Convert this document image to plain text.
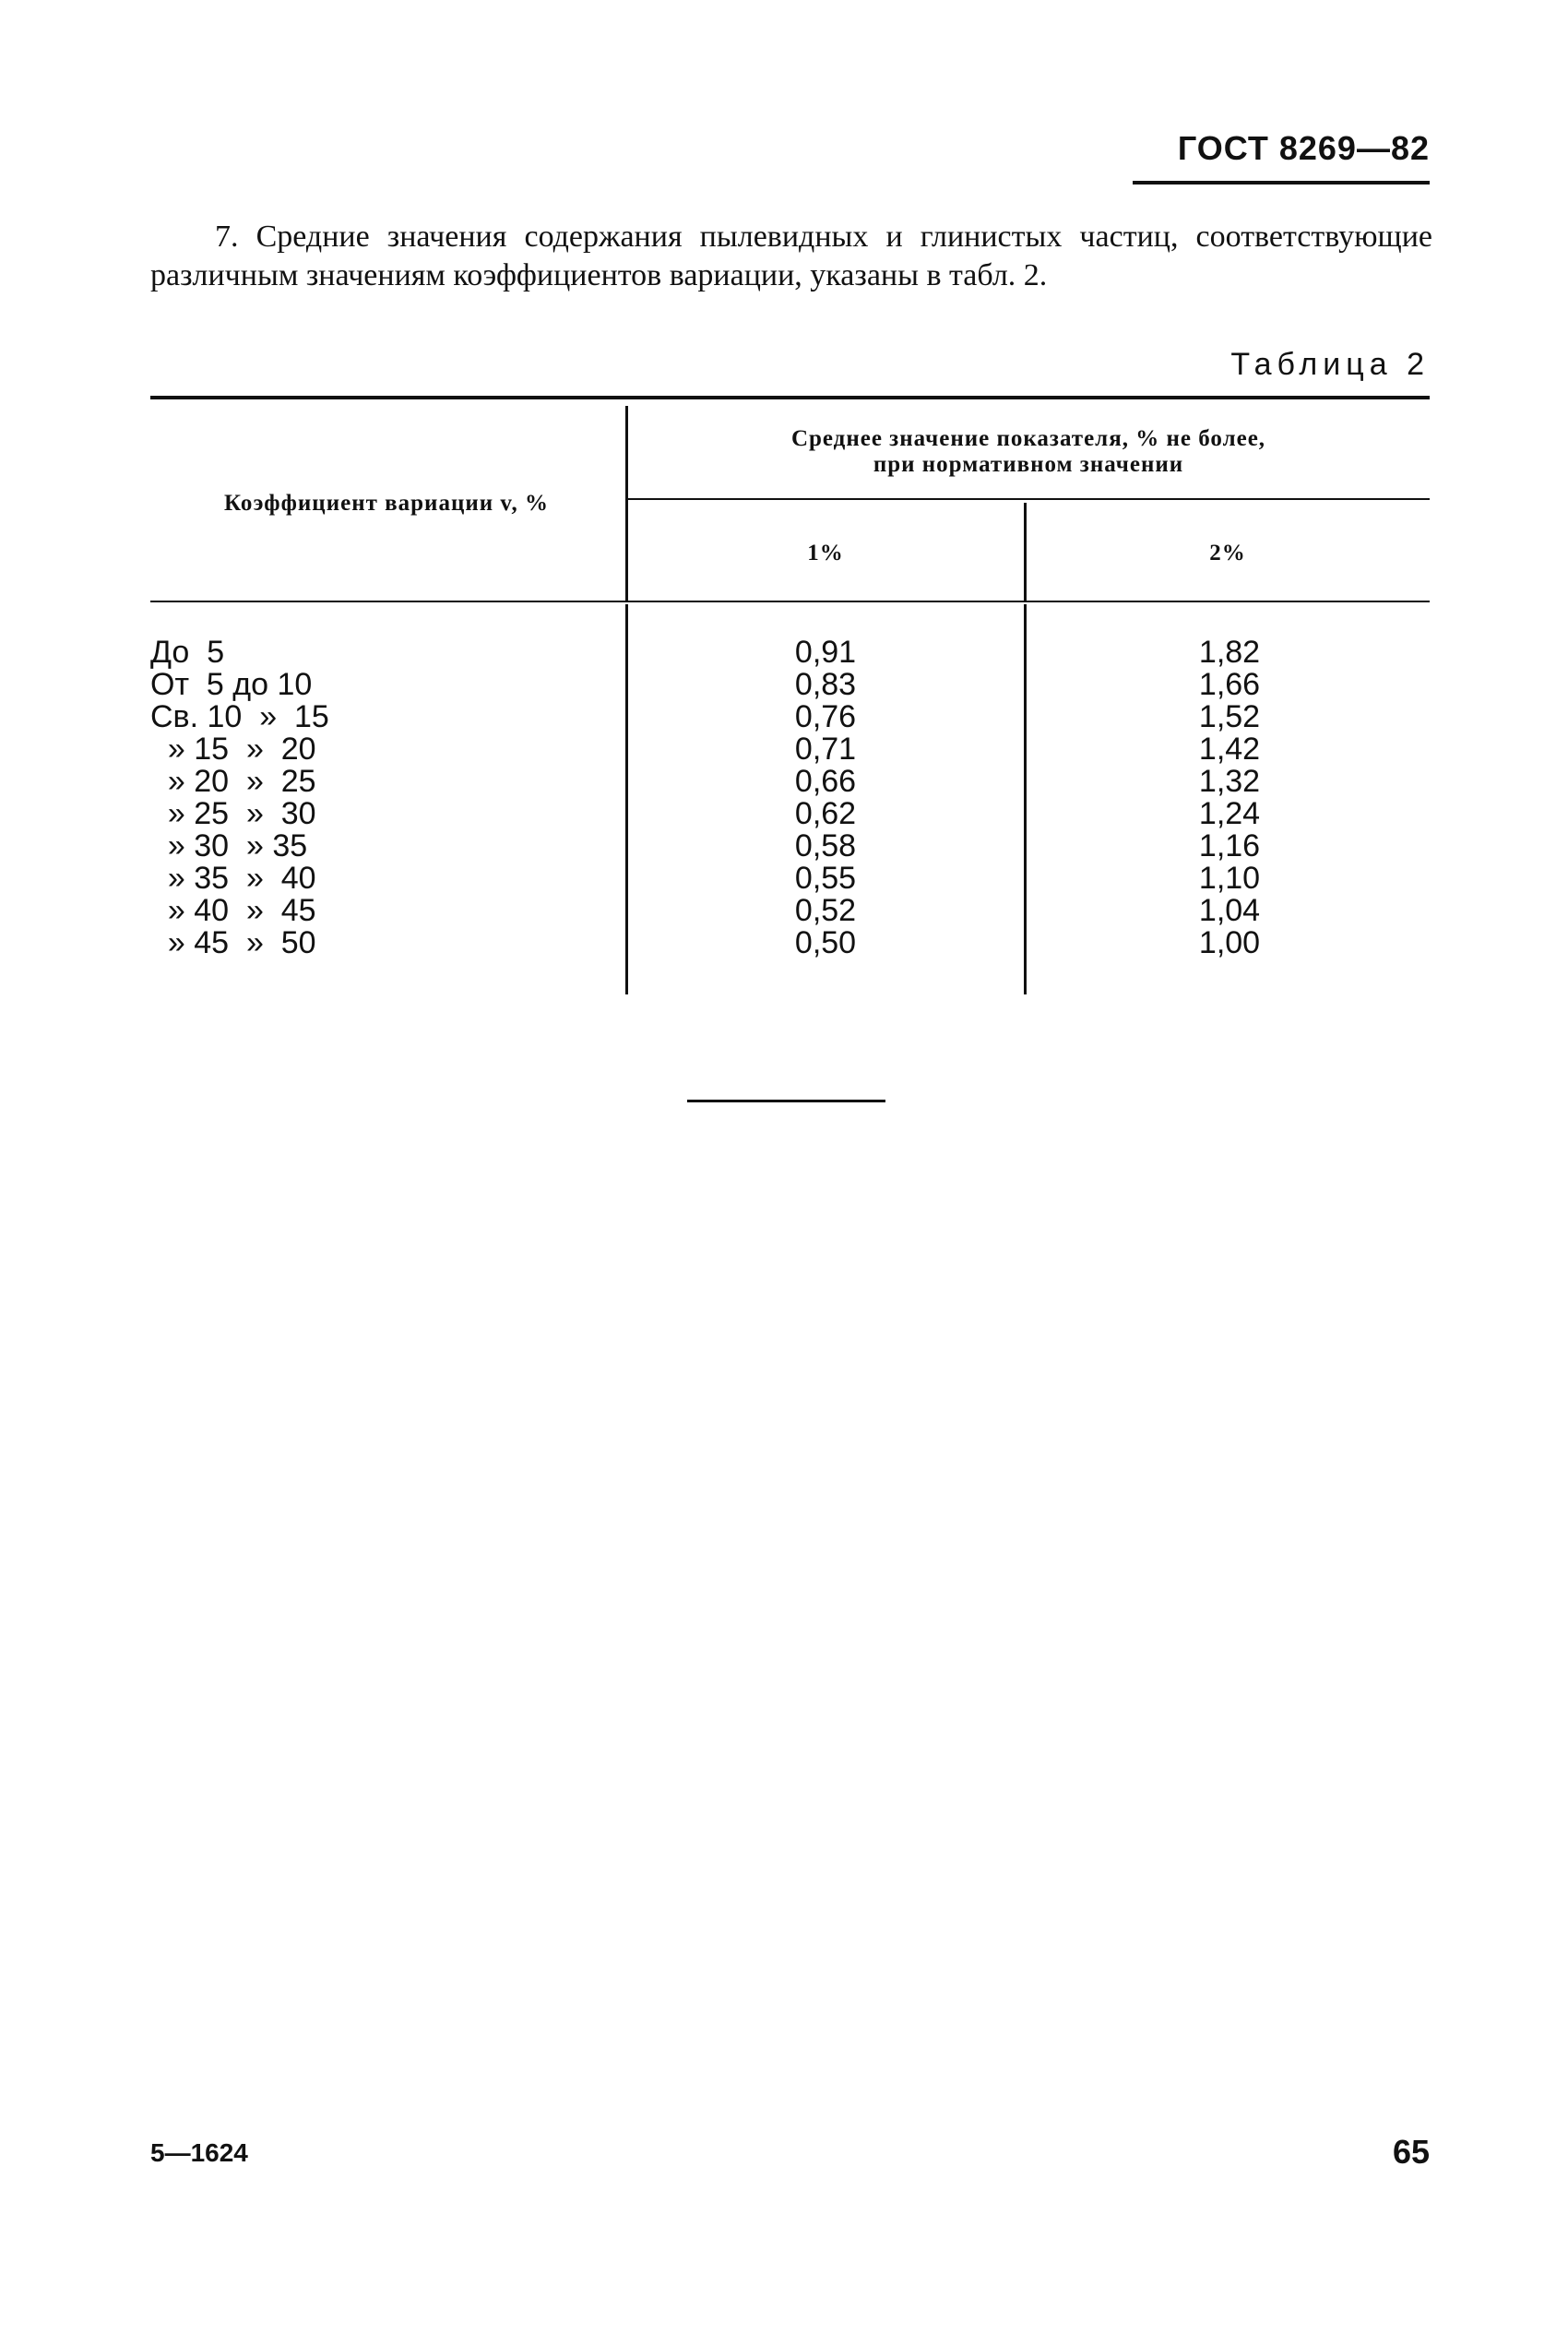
ГОСТ 8269—82
7. Средние значения содержания пылевидных и глинистых частиц, соответствующие различным значениям коэффициентов вариации, указаны в табл. 2.
Таблица 2
Коэффициент вариации v, %
Среднее значение показателя, % не более,
при нормативном значении
1%	2%
До  5	0,91	1,82
От  5 до 10	0,83	1,66
Св. 10  »  15	0,76	1,52
» 15  »  20	0,71	1,42
» 20  »  25	0,66	1,32
» 25  »  30	0,62	1,24
» 30  » 35	0,58	1,16
» 35  »  40	0,55	1,10
» 40  »  45	0,52	1,04
» 45  »  50	0,50	1,00
5—1624	65
